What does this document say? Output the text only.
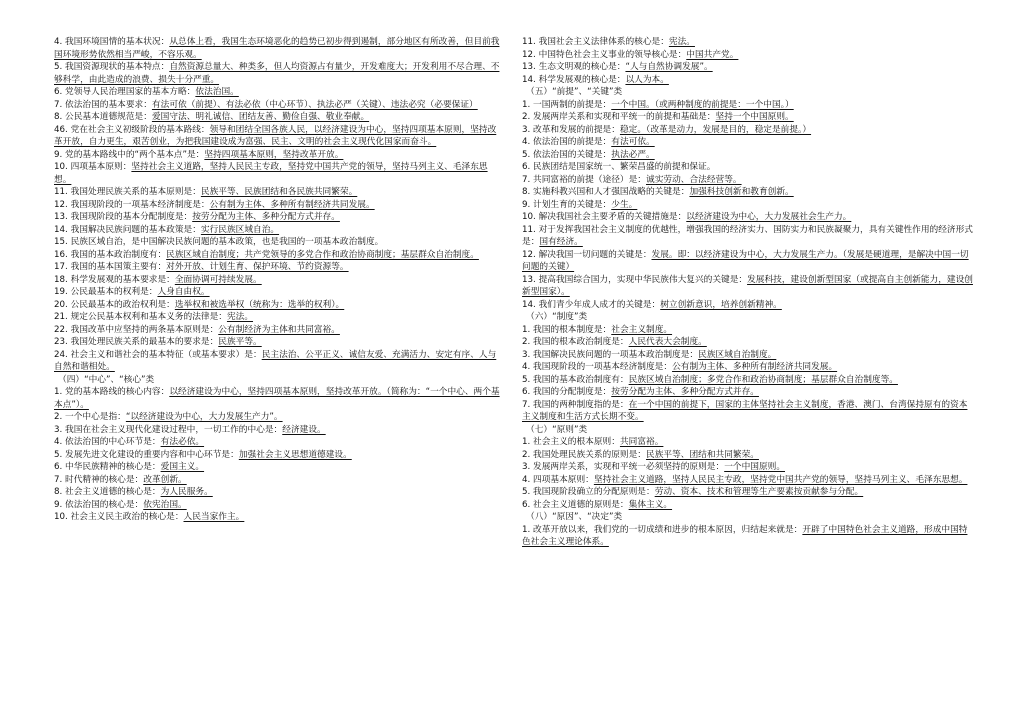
4. 我国环境国情的基本状况：从总体上看，我国生态环境恶化的趋势已初步得到遏制，部分地区有所改善，但目前我国环境形势依然相当严峻，不容乐观。
5. 我国资源现状的基本特点：自然资源总量大、种类多，但人均资源占有量少，开发难度大；开发利用不尽合理、不够科学，由此造成的浪费、损失十分严重。
6. 党领导人民治理国家的基本方略：依法治国。
7. 依法治国的基本要求：有法可依（前提）、有法必依（中心环节）、执法必严（关键）、违法必究（必要保证）
8. 公民基本道德规范是：爱国守法、明礼诚信、团结友善、勤俭自强、敬业奉献。
46. 党在社会主义初级阶段的基本路线：领导和团结全国各族人民，以经济建设为中心，坚持四项基本原则，坚持改革开放，自力更生，艰苦创业，为把我国建设成为富强、民主、文明的社会主义现代化国家而奋斗。
9. 党的基本路线中的“两个基本点”是：坚持四项基本原则，坚持改革开放。
10. 四项基本原则：坚持社会主义道路，坚持人民民主专政，坚持党中国共产党的领导，坚持马列主义、毛泽东思想。
11. 我国处理民族关系的基本原则是：民族平等、民族团结和各民族共同繁荣。
12. 我国现阶段的一项基本经济制度是：公有制为主体、多种所有制经济共同发展。
13. 我国现阶段的基本分配制度是：按劳分配为主体、多种分配方式并存。
14. 我国解决民族问题的基本政策是：实行民族区域自治。
15. 民族区域自治，是中国解决民族问题的基本政策，也是我国的一项基本政治制度。
16. 我国的基本政治制度有：民族区域自治制度；共产党领导的多党合作和政治协商制度；基层群众自治制度。
17. 我国的基本国策主要有：对外开放、计划生育、保护环境、节约资源等。
18. 科学发展观的基本要求是：全面协调可持续发展。
19. 公民最基本的权利是：人身自由权。
20. 公民最基本的政治权利是：选举权和被选举权（统称为：选举的权利）。
21. 规定公民基本权利和基本义务的法律是：宪法。
22. 我国改革中应坚持的两条基本原则是：公有制经济为主体和共同富裕。
23. 我国处理民族关系的最基本的要求是：民族平等。
24. 社会主义和谐社会的基本特征（或基本要求）是：民主法治、公平正义、诚信友爱、充满活力、安定有序、人与自然和谐相处。
（四）“中心”、“核心”类
1. 党的基本路线的核心内容：以经济建设为中心，坚持四项基本原则，坚持改革开放。（简称为：“一个中心、两个基本点”）。
2. 一个中心是指：“以经济建设为中心，大力发展生产力”。
3. 我国在社会主义现代化建设过程中，一切工作的中心是：经济建设。
4. 依法治国的中心环节是：有法必依。
5. 发展先进文化建设的重要内容和中心环节是：加强社会主义思想道德建设。
6. 中华民族精神的核心是：爱国主义。
7. 时代精神的核心是：改革创新。
8. 社会主义道德的核心是：为人民服务。
9. 依法治国的核心是：依宪治国。
10. 社会主义民主政治的核心是：人民当家作主。
11. 我国社会主义法律体系的核心是：宪法。
12. 中国特色社会主义事业的领导核心是：中国共产党。
13. 生态文明观的核心是：“人与自然协调发展”。
14. 科学发展观的核心是：以人为本。
（五）“前提”、“关键”类
1. 一国两制的前提是：一个中国。（或两种制度的前提是：一个中国。）
2. 发展两岸关系和实现和平统一的前提和基础是：坚持一个中国原则。
3. 改革和发展的前提是：稳定。（改革是动力，发展是目的，稳定是前提。）
4. 依法治国的前提是：有法可依。
5. 依法治国的关键是：执法必严。
6. 民族团结是国家统一、繁荣昌盛的前提和保证。
7. 共同富裕的前提（途径）是：诚实劳动、合法经营等。
8. 实施科教兴国和人才强国战略的关键是：加强科技创新和教育创新。
9. 计划生育的关键是：少生。
10. 解决我国社会主要矛盾的关键措施是：以经济建设为中心，大力发展社会生产力。
11. 对于发挥我国社会主义制度的优越性，增强我国的经济实力、国防实力和民族凝聚力，具有关键性作用的经济形式是：国有经济。
12. 解决我国一切问题的关键是：发展。即：以经济建设为中心，大力发展生产力。（发展是硬道理，是解决中国一切问题的关键）
13. 提高我国综合国力，实现中华民族伟大复兴的关键是：发展科技，建设创新型国家（或提高自主创新能力，建设创新型国家）。
14. 我们青少年成人成才的关键是：树立创新意识，培养创新精神。
（六）“制度”类
1. 我国的根本制度是：社会主义制度。
2. 我国的根本政治制度是：人民代表大会制度。
3. 我国解决民族问题的一项基本政治制度是：民族区域自治制度。
4. 我国现阶段的一项基本经济制度是：公有制为主体、多种所有制经济共同发展。
5. 我国的基本政治制度有：民族区域自治制度；多党合作和政治协商制度；基层群众自治制度等。
6. 我国的分配制度是：按劳分配为主体、多种分配方式并存。
7. 我国的两种制度指的是：在一个中国的前提下，国家的主体坚持社会主义制度，香港、澳门、台湾保持原有的资本主义制度和生活方式长期不变。
（七）“原则”类
1. 社会主义的根本原则：共同富裕。
2. 我国处理民族关系的原则是：民族平等、团结和共同繁荣。
3. 发展两岸关系，实现和平统一必须坚持的原则是：一个中国原则。
4. 四项基本原则：坚持社会主义道路，坚持人民民主专政，坚持党中国共产党的领导，坚持马列主义、毛泽东思想。
5. 我国现阶段确立的分配原则是：劳动、资本、技术和管理等生产要素按贡献参与分配。
6. 社会主义道德的原则是：集体主义。
（八）“原因”、“决定”类
1. 改革开放以来，我们党的一切成绩和进步的根本原因，归结起来就是：开辟了中国特色社会主义道路，形成中国特色社会主义理论体系。
